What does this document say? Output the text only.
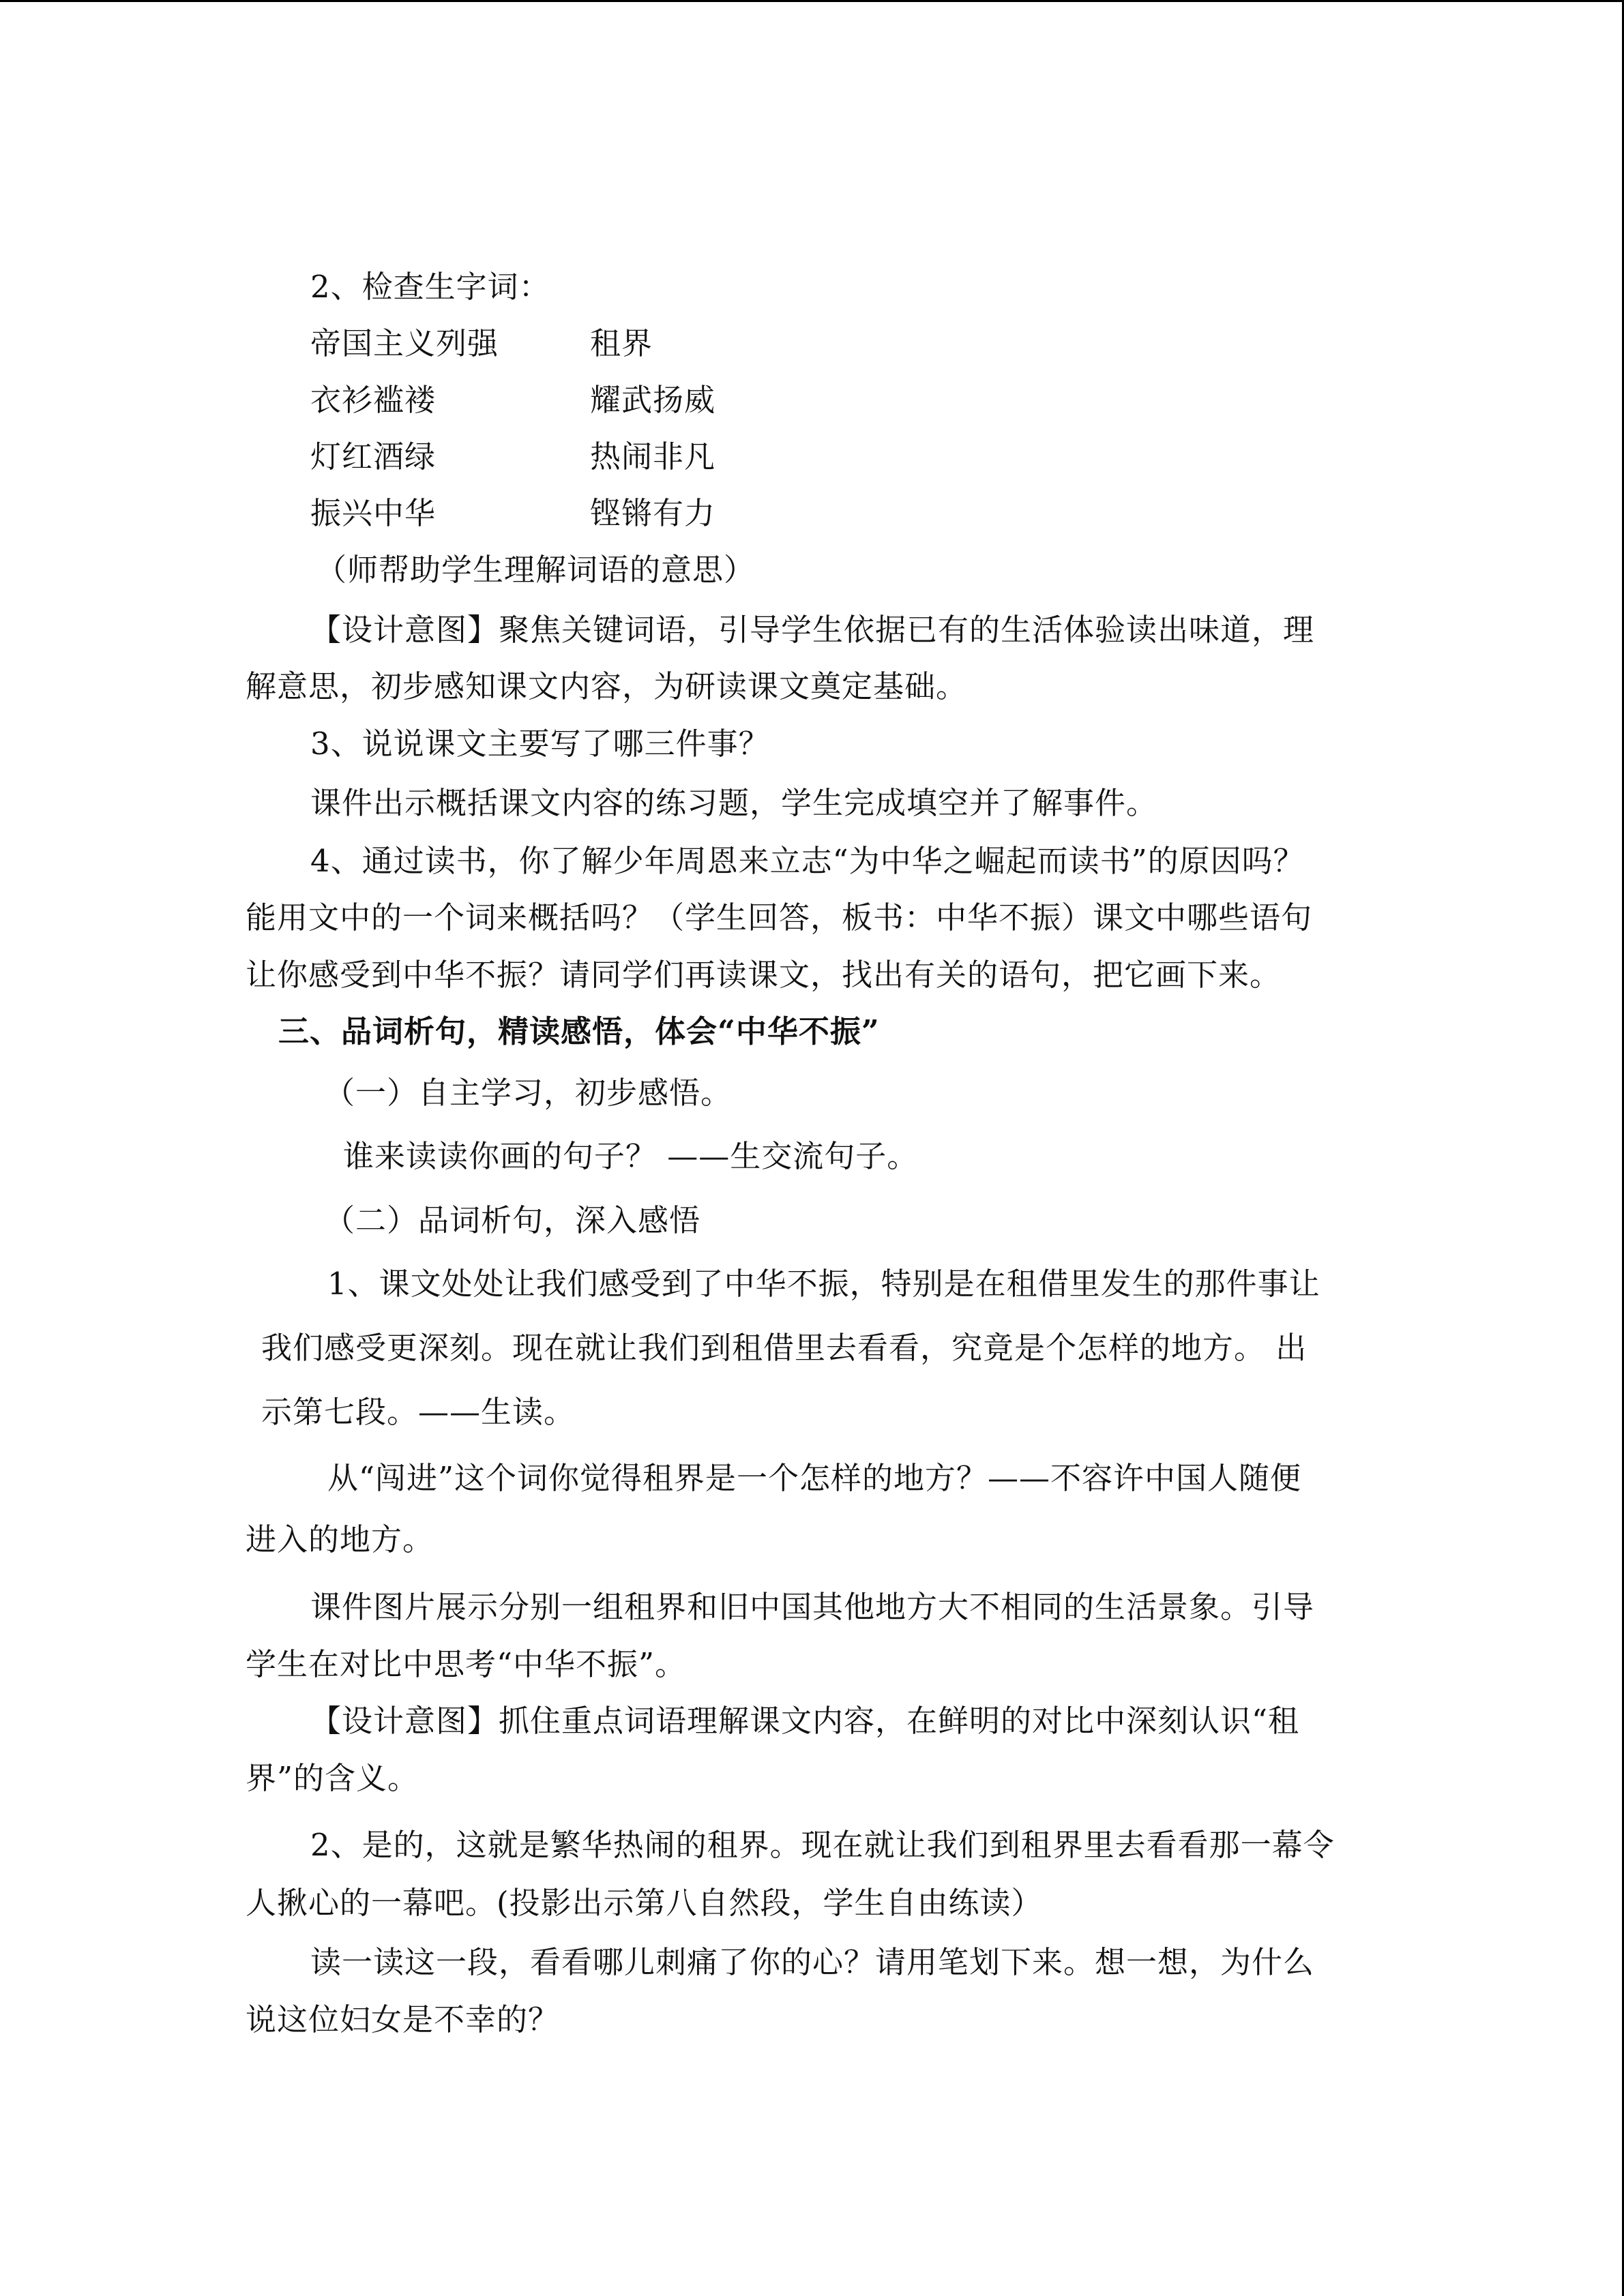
2、检查生字词：
帝国主义列强	租界
衣衫褴褛	耀武扬威
灯红酒绿	热闹非凡
振兴中华	铿锵有力
（师帮助学生理解词语的意思）
【设计意图】聚焦关键词语，引导学生依据已有的生活体验读出味道，理
解意思，初步感知课文内容，为研读课文奠定基础。
3、说说课文主要写了哪三件事？
课件出示概括课文内容的练习题，学生完成填空并了解事件。
4、通过读书，你了解少年周恩来立志“为中华之崛起而读书”的原因吗？
能用文中的一个词来概括吗？（学生回答，板书：中华不振）课文中哪些语句
让你感受到中华不振？请同学们再读课文，找出有关的语句，把它画下来。
三、品词析句，精读感悟，体会“中华不振”
（一）自主学习，初步感悟。
谁来读读你画的句子？ ——生交流句子。
（二）品词析句，深入感悟
1、课文处处让我们感受到了中华不振，特别是在租借里发生的那件事让
我们感受更深刻。现在就让我们到租借里去看看，究竟是个怎样的地方。 出
示第七段。——生读。
从“闯进”这个词你觉得租界是一个怎样的地方？——不容许中国人随便
进入的地方。
课件图片展示分别一组租界和旧中国其他地方大不相同的生活景象。引导
学生在对比中思考“中华不振”。
【设计意图】抓住重点词语理解课文内容，在鲜明的对比中深刻认识“租
界”的含义。
2、是的，这就是繁华热闹的租界。现在就让我们到租界里去看看那一幕令
人揪心的一幕吧。(投影出示第八自然段，学生自由练读）
读一读这一段，看看哪儿刺痛了你的心？请用笔划下来。想一想，为什么
说这位妇女是不幸的？
